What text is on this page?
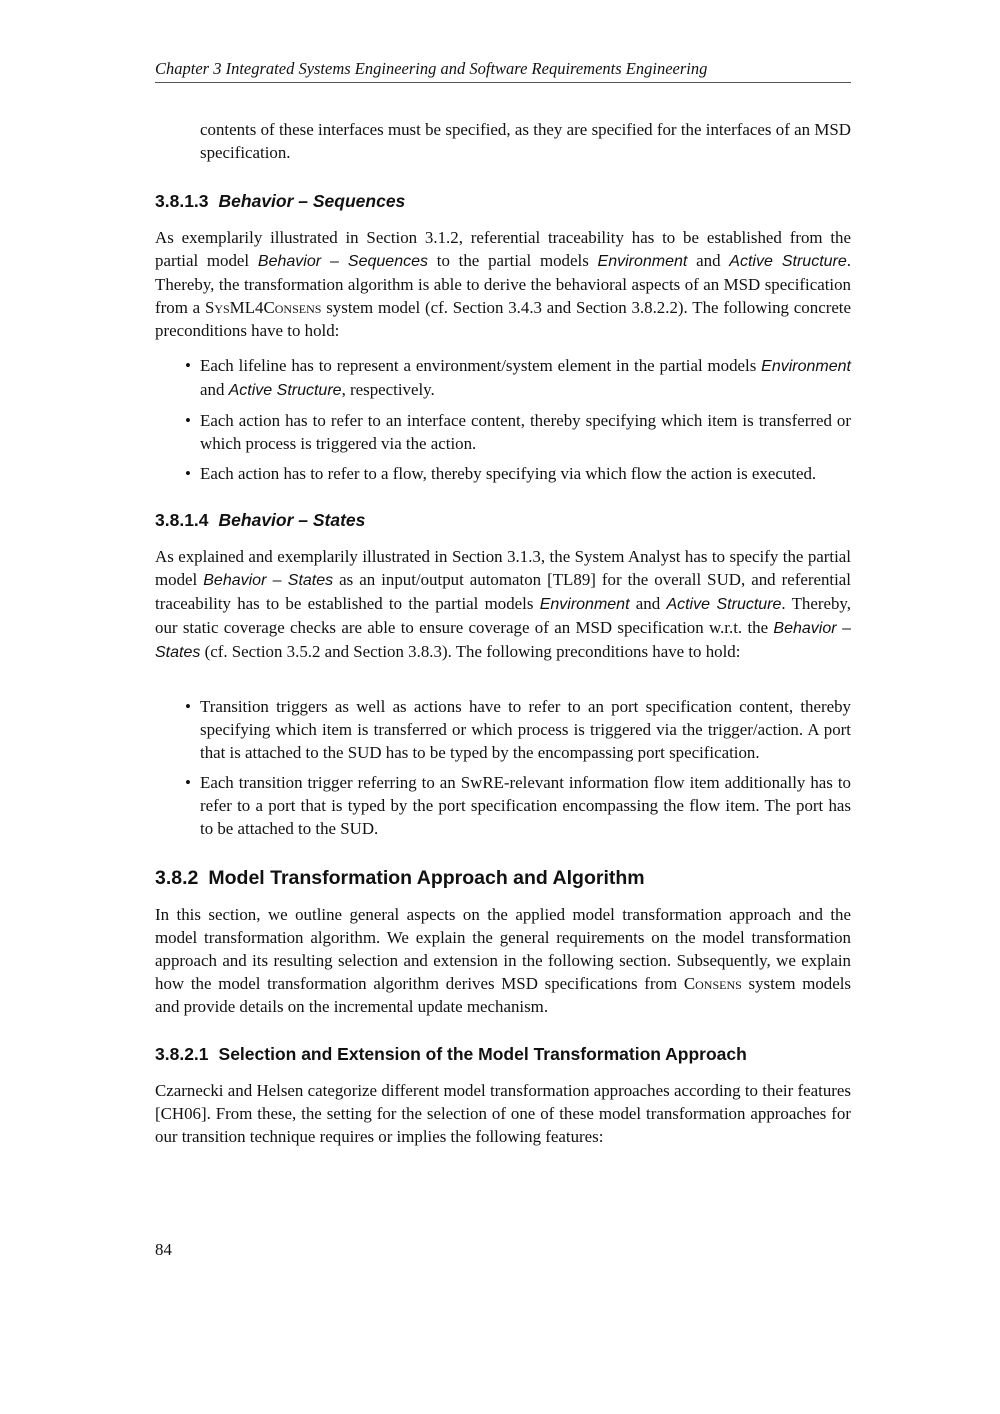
Chapter 3 Integrated Systems Engineering and Software Requirements Engineering

contents of these interfaces must be specified, as they are specified for the interfaces of an MSD specification.

3.8.1.3 Behavior – Sequences

As exemplarily illustrated in Section 3.1.2, referential traceability has to be established from the partial model Behavior – Sequences to the partial models Environment and Active Structure. Thereby, the transformation algorithm is able to derive the behavioral aspects of an MSD specification from a SysML4Consens system model (cf. Section 3.4.3 and Section 3.8.2.2). The following concrete preconditions have to hold:

• Each lifeline has to represent a environment/system element in the partial models Environment and Active Structure, respectively.
• Each action has to refer to an interface content, thereby specifying which item is transferred or which process is triggered via the action.
• Each action has to refer to a flow, thereby specifying via which flow the action is executed.
3.8.1.4 Behavior – States

As explained and exemplarily illustrated in Section 3.1.3, the System Analyst has to specify the partial model Behavior – States as an input/output automaton [TL89] for the overall SUD, and referential traceability has to be established to the partial models Environment and Active Structure. Thereby, our static coverage checks are able to ensure coverage of an MSD specification w.r.t. the Behavior – States (cf. Section 3.5.2 and Section 3.8.3). The following preconditions have to hold:

• Transition triggers as well as actions have to refer to an port specification content, thereby specifying which item is transferred or which process is triggered via the trigger/action. A port that is attached to the SUD has to be typed by the encompassing port specification.
• Each transition trigger referring to an SwRE-relevant information flow item additionally has to refer to a port that is typed by the port specification encompassing the flow item. The port has to be attached to the SUD.
3.8.2 Model Transformation Approach and Algorithm

In this section, we outline general aspects on the applied model transformation approach and the model transformation algorithm. We explain the general requirements on the model transformation approach and its resulting selection and extension in the following section. Subsequently, we explain how the model transformation algorithm derives MSD specifications from Consens system models and provide details on the incremental update mechanism.

3.8.2.1 Selection and Extension of the Model Transformation Approach

Czarnecki and Helsen categorize different model transformation approaches according to their features [CH06]. From these, the setting for the selection of one of these model transformation approaches for our transition technique requires or implies the following features:

84
